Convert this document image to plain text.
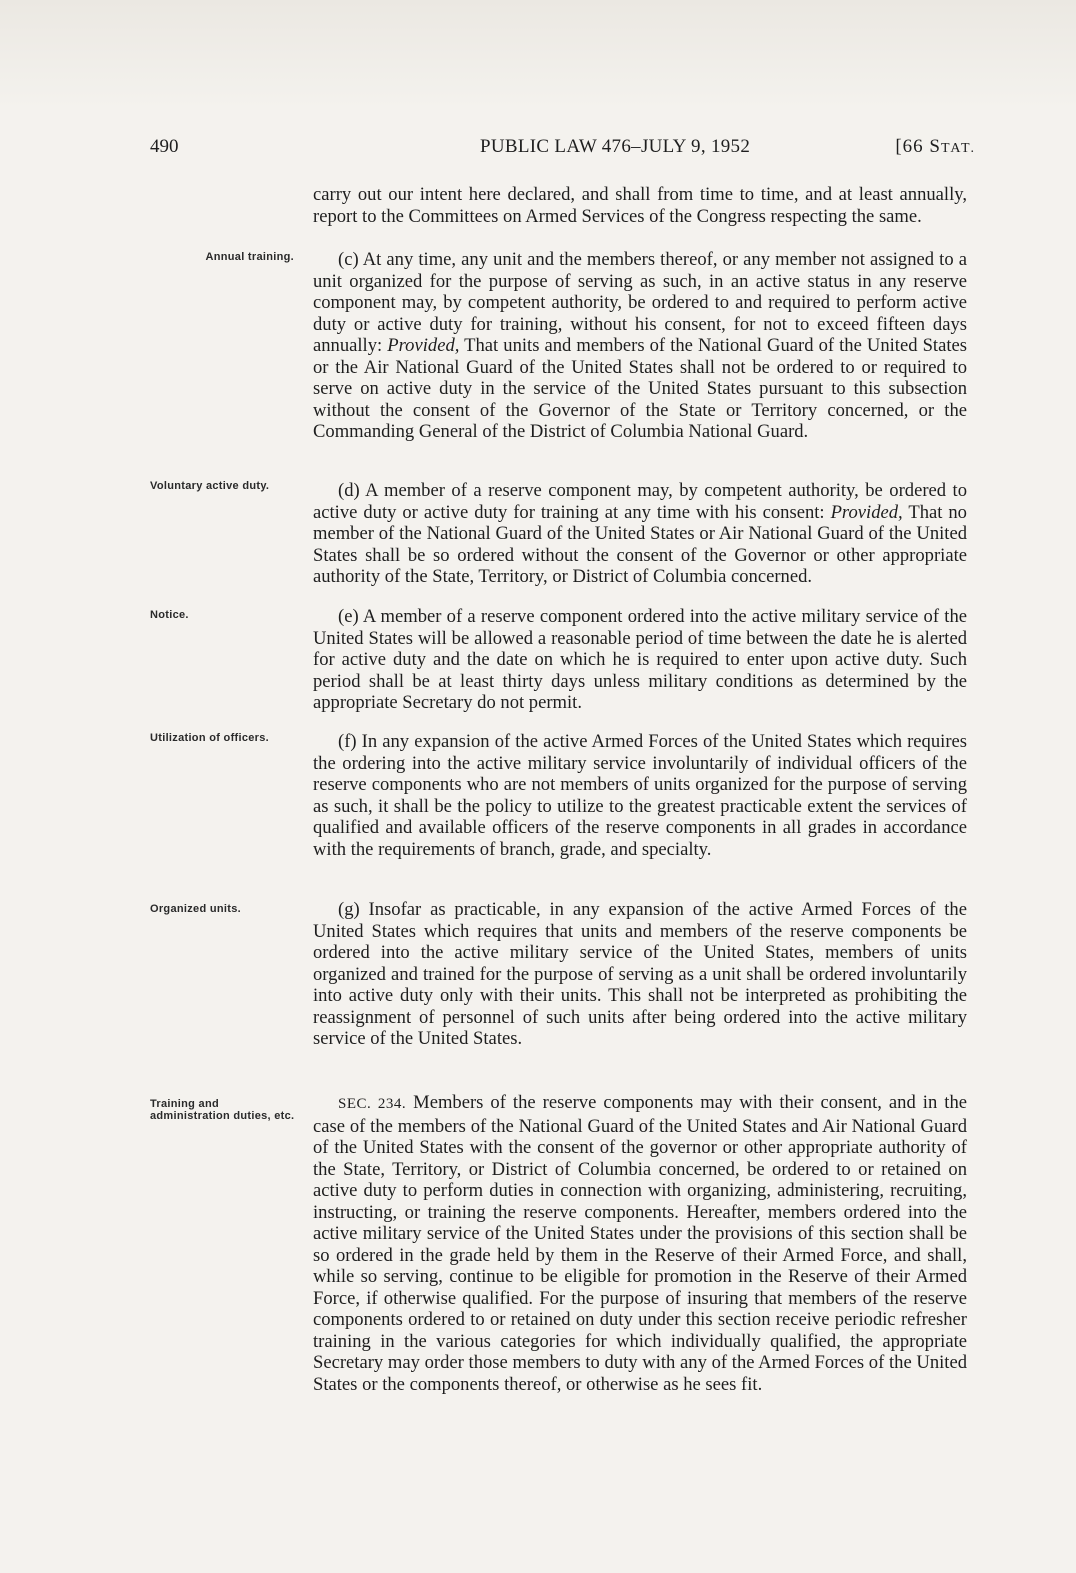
490	PUBLIC LAW 476–JULY 9, 1952	[66 STAT.
Annual training.
Voluntary active duty.
Notice.
Utilization of officers.
Organized units.
Training and administration duties, etc.

carry out our intent here declared, and shall from time to time, and at least annually, report to the Committees on Armed Services of the Congress respecting the same.

(c) At any time, any unit and the members thereof, or any member not assigned to a unit organized for the purpose of serving as such, in an active status in any reserve component may, by competent authority, be ordered to and required to perform active duty or active duty for training, without his consent, for not to exceed fifteen days annually: Provided, That units and members of the National Guard of the United States or the Air National Guard of the United States shall not be ordered to or required to serve on active duty in the service of the United States pursuant to this subsection without the consent of the Governor of the State or Territory concerned, or the Commanding General of the District of Columbia National Guard.

(d) A member of a reserve component may, by competent authority, be ordered to active duty or active duty for training at any time with his consent: Provided, That no member of the National Guard of the United States or Air National Guard of the United States shall be so ordered without the consent of the Governor or other appropriate authority of the State, Territory, or District of Columbia concerned.

(e) A member of a reserve component ordered into the active military service of the United States will be allowed a reasonable period of time between the date he is alerted for active duty and the date on which he is required to enter upon active duty. Such period shall be at least thirty days unless military conditions as determined by the appropriate Secretary do not permit.

(f) In any expansion of the active Armed Forces of the United States which requires the ordering into the active military service involuntarily of individual officers of the reserve components who are not members of units organized for the purpose of serving as such, it shall be the policy to utilize to the greatest practicable extent the services of qualified and available officers of the reserve components in all grades in accordance with the requirements of branch, grade, and specialty.

(g) Insofar as practicable, in any expansion of the active Armed Forces of the United States which requires that units and members of the reserve components be ordered into the active military service of the United States, members of units organized and trained for the purpose of serving as a unit shall be ordered involuntarily into active duty only with their units. This shall not be interpreted as prohibiting the reassignment of personnel of such units after being ordered into the active military service of the United States.

SEC. 234. Members of the reserve components may with their consent, and in the case of the members of the National Guard of the United States and Air National Guard of the United States with the consent of the governor or other appropriate authority of the State, Territory, or District of Columbia concerned, be ordered to or retained on active duty to perform duties in connection with organizing, administering, recruiting, instructing, or training the reserve components. Hereafter, members ordered into the active military service of the United States under the provisions of this section shall be so ordered in the grade held by them in the Reserve of their Armed Force, and shall, while so serving, continue to be eligible for promotion in the Reserve of their Armed Force, if otherwise qualified. For the purpose of insuring that members of the reserve components ordered to or retained on duty under this section receive periodic refresher training in the various categories for which individually qualified, the appropriate Secretary may order those members to duty with any of the Armed Forces of the United States or the components thereof, or otherwise as he sees fit.
